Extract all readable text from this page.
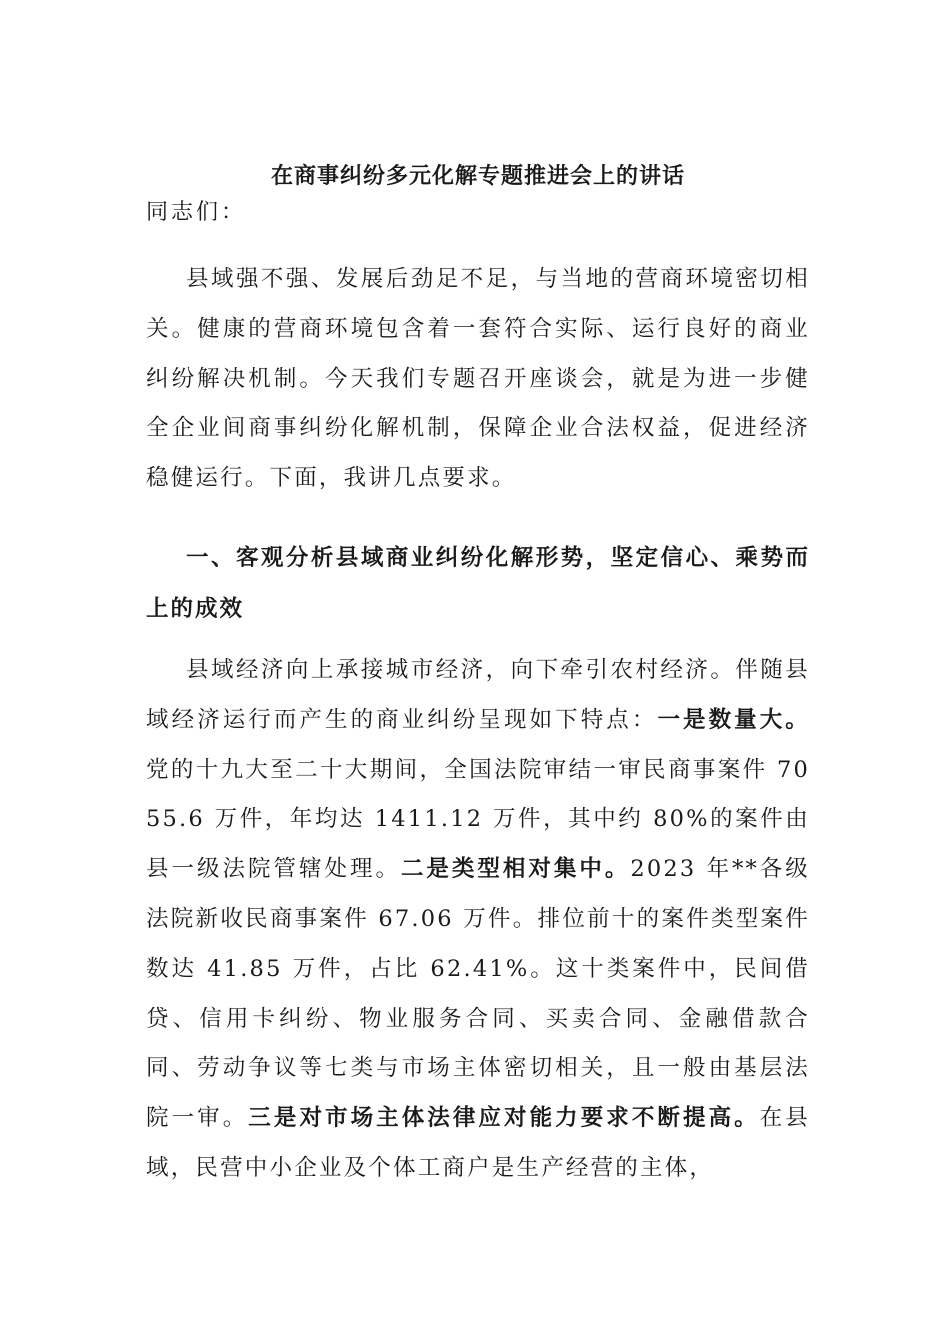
在商事纠纷多元化解专题推进会上的讲话

同志们：

县域强不强、发展后劲足不足，与当地的营商环境密切相关。健康的营商环境包含着一套符合实际、运行良好的商业纠纷解决机制。今天我们专题召开座谈会，就是为进一步健全企业间商事纠纷化解机制，保障企业合法权益，促进经济稳健运行。下面，我讲几点要求。

一、客观分析县域商业纠纷化解形势，坚定信心、乘势而上的成效

县域经济向上承接城市经济，向下牵引农村经济。伴随县域经济运行而产生的商业纠纷呈现如下特点：一是数量大。党的十九大至二十大期间，全国法院审结一审民商事案件 7055.6 万件，年均达 1411.12 万件，其中约 80%的案件由县一级法院管辖处理。二是类型相对集中。2023 年**各级法院新收民商事案件 67.06 万件。排位前十的案件类型案件数达 41.85 万件，占比 62.41%。这十类案件中，民间借贷、信用卡纠纷、物业服务合同、买卖合同、金融借款合同、劳动争议等七类与市场主体密切相关，且一般由基层法院一审。三是对市场主体法律应对能力要求不断提高。在县域，民营中小企业及个体工商户是生产经营的主体，
